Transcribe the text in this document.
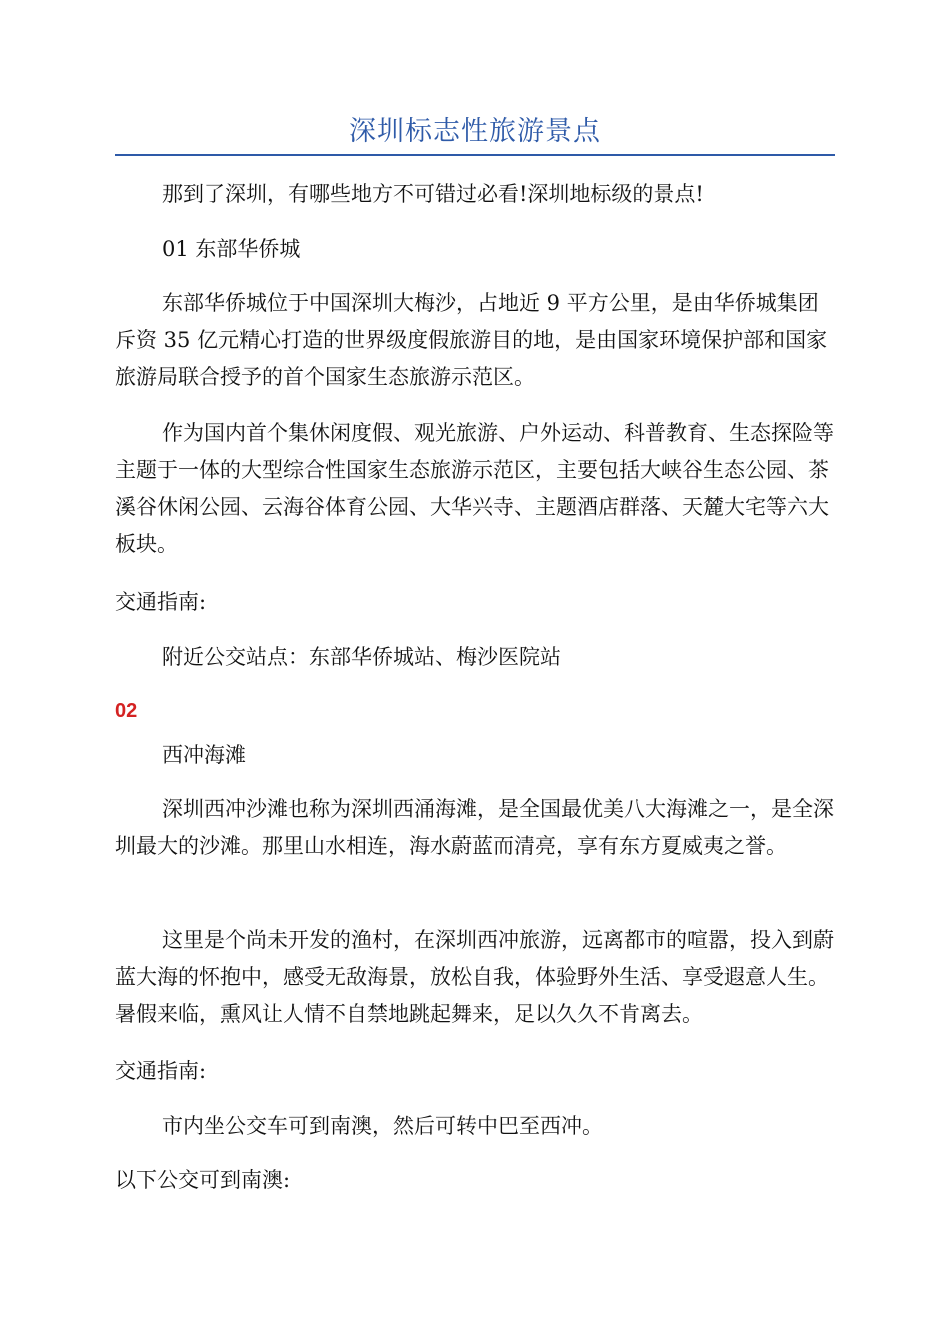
深圳标志性旅游景点

那到了深圳，有哪些地方不可错过必看!深圳地标级的景点!

01 东部华侨城

东部华侨城位于中国深圳大梅沙，占地近 9 平方公里，是由华侨城集团斥资 35 亿元精心打造的世界级度假旅游目的地，是由国家环境保护部和国家旅游局联合授予的首个国家生态旅游示范区。

作为国内首个集休闲度假、观光旅游、户外运动、科普教育、生态探险等主题于一体的大型综合性国家生态旅游示范区，主要包括大峡谷生态公园、茶溪谷休闲公园、云海谷体育公园、大华兴寺、主题酒店群落、天麓大宅等六大板块。

交通指南:

附近公交站点：东部华侨城站、梅沙医院站

02

西冲海滩

深圳西冲沙滩也称为深圳西涌海滩，是全国最优美八大海滩之一，是全深圳最大的沙滩。那里山水相连，海水蔚蓝而清亮，享有东方夏威夷之誉。

这里是个尚未开发的渔村，在深圳西冲旅游，远离都市的喧嚣，投入到蔚蓝大海的怀抱中，感受无敌海景，放松自我，体验野外生活、享受遐意人生。暑假来临，熏风让人情不自禁地跳起舞来，足以久久不肯离去。

交通指南:

市内坐公交车可到南澳，然后可转中巴至西冲。

以下公交可到南澳:
